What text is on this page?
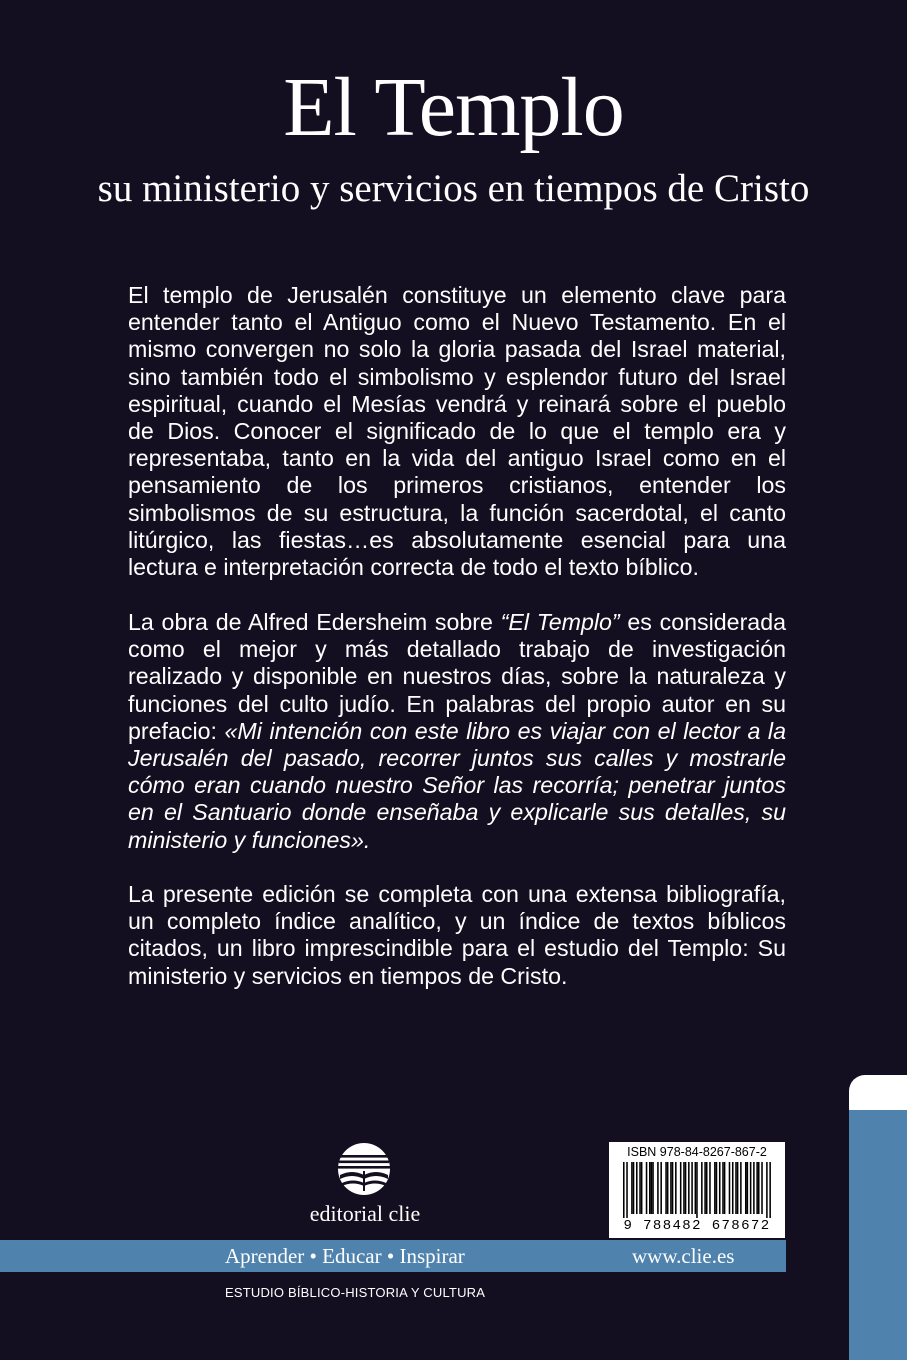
El Templo
su ministerio y servicios en tiempos de Cristo

El templo de Jerusalén constituye un elemento clave para entender tanto el Antiguo como el Nuevo Testamento. En el mismo convergen no solo la gloria pasada del Israel material, sino también todo el simbolismo y esplendor futuro del Israel espiritual, cuando el Mesías vendrá y reinará sobre el pueblo de Dios. Conocer el significado de lo que el templo era y representaba, tanto en la vida del antiguo Israel como en el pensamiento de los primeros cristianos, entender los simbolismos de su estructura, la función sacerdotal, el canto litúrgico, las fiestas…es absolutamente esencial para una lectura e interpretación correcta de todo el texto bíblico.

La obra de Alfred Edersheim sobre “El Templo” es considerada como el mejor y más detallado trabajo de investigación realizado y disponible en nuestros días, sobre la naturaleza y funciones del culto judío. En palabras del propio autor en su prefacio: «Mi intención con este libro es viajar con el lector a la Jerusalén del pasado, recorrer juntos sus calles y mostrarle cómo eran cuando nuestro Señor las recorría; penetrar juntos en el Santuario donde enseñaba y explicarle sus detalles, su ministerio y funciones».

La presente edición se completa con una extensa bibliografía, un completo índice analítico, y un índice de textos bíblicos citados, un libro imprescindible para el estudio del Templo: Su ministerio y servicios en tiempos de Cristo.

editorial clie
ISBN 978-84-8267-867-2
9 788482 678672
Aprender • Educar • Inspirar	www.clie.es
ESTUDIO BÍBLICO-HISTORIA Y CULTURA
